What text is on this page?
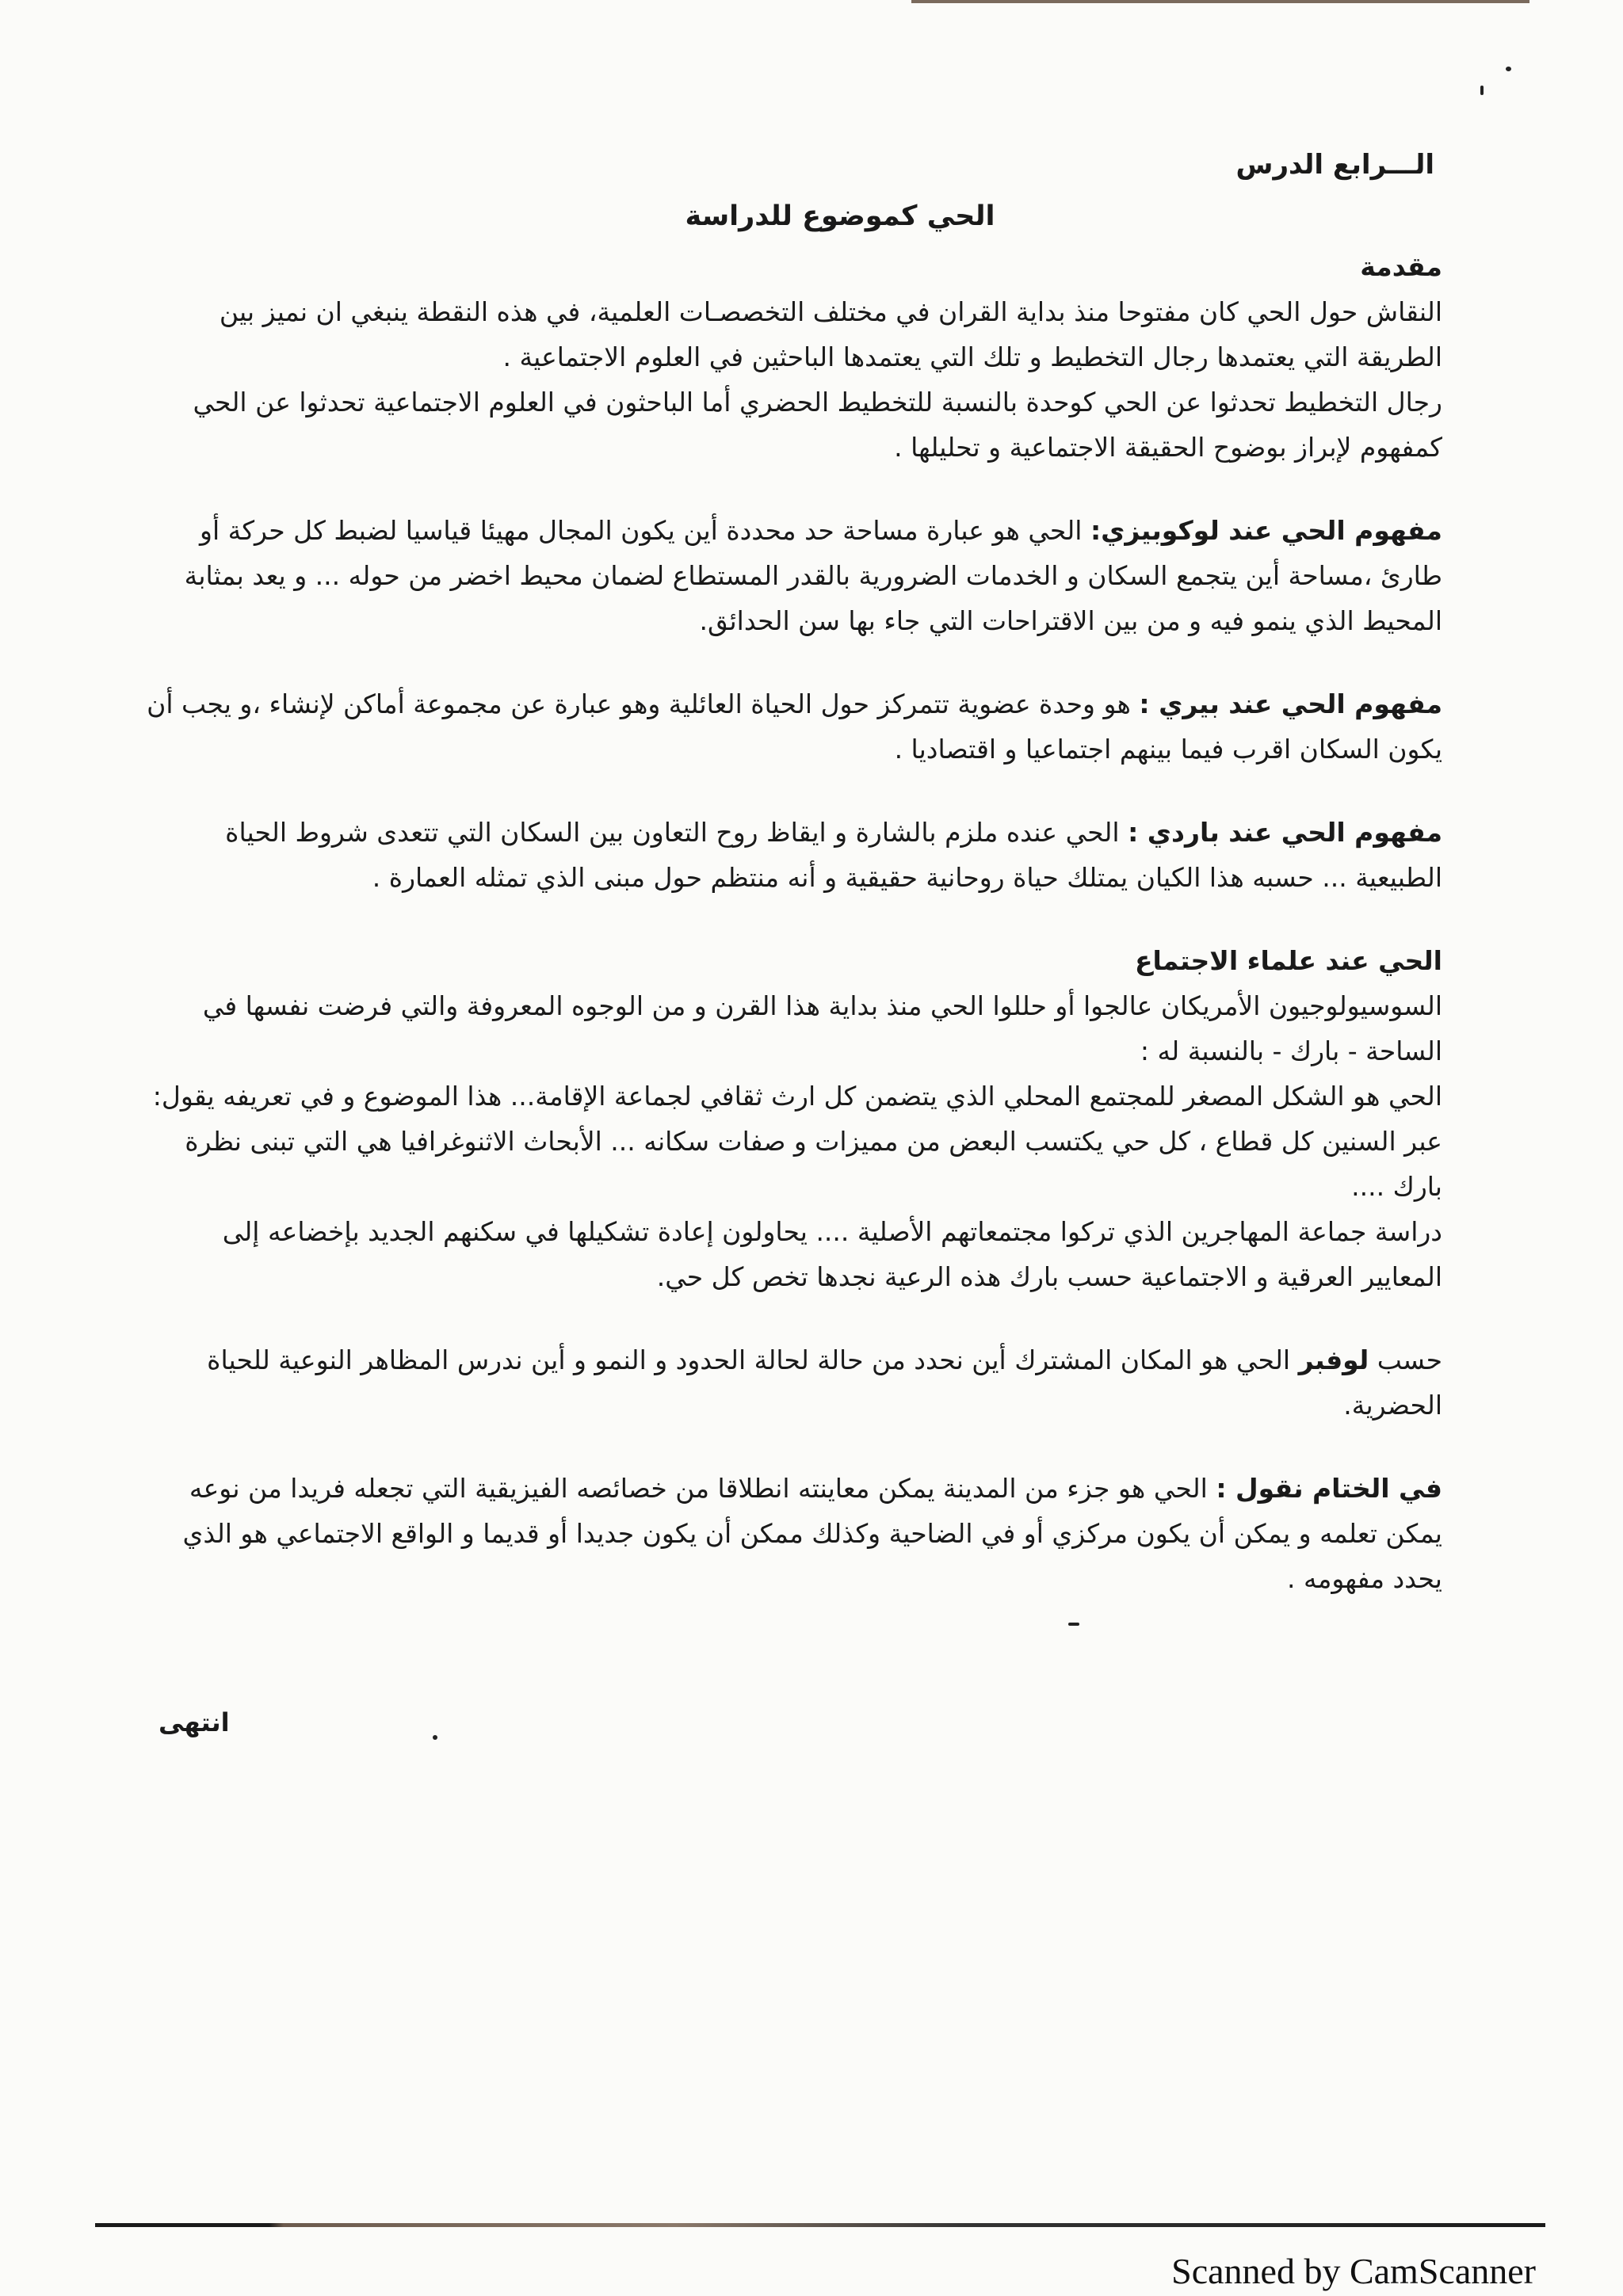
الـــرابع الدرس
الحي كموضوع للدراسة
مقدمة

النقاش حول الحي كان مفتوحا منذ بداية القران في مختلف التخصصـات العلمية، في هذه النقطة ينبغي ان نميز بين الطريقة التي يعتمدها رجال التخطيط و تلك التي يعتمدها الباحثين في العلوم الاجتماعية .

رجال التخطيط تحدثوا عن الحي كوحدة بالنسبة للتخطيط الحضري أما الباحثون في العلوم الاجتماعية تحدثوا عن الحي كمفهوم لإبراز بوضوح الحقيقة الاجتماعية و تحليلها .

مفهوم الحي عند لوكوبيزي: الحي هو عبارة مساحة حد محددة أين يكون المجال مهيئا قياسيا لضبط كل حركة أو طارئ ،مساحة أين يتجمع السكان و الخدمات الضرورية بالقدر المستطاع لضمان محيط اخضر من حوله ... و يعد بمثابة المحيط الذي ينمو فيه و من بين الاقتراحات التي جاء بها سن الحدائق.

مفهوم الحي عند بيري : هو وحدة عضوية تتمركز حول الحياة العائلية وهو عبارة عن مجموعة أماكن لإنشاء ،و يجب أن يكون السكان اقرب فيما بينهم اجتماعيا و اقتصاديا .

مفهوم الحي عند باردي : الحي عنده ملزم بالشارة و ايقاظ روح التعاون بين السكان التي تتعدى شروط الحياة الطبيعية ... حسبه هذا الكيان يمتلك حياة روحانية حقيقية و أنه منتظم حول مبنى الذي تمثله العمارة .

الحي عند علماء الاجتماع

السوسيولوجيون الأمريكان عالجوا أو حللوا الحي منذ بداية هذا القرن و من الوجوه المعروفة والتي فرضت نفسها في الساحة - بارك - بالنسبة له :

الحي هو الشكل المصغر للمجتمع المحلي الذي يتضمن كل ارث ثقافي لجماعة الإقامة... هذا الموضوع و في تعريفه يقول:

عبر السنين كل قطاع ، كل حي يكتسب البعض من مميزات و صفات سكانه ... الأبحاث الاثنوغرافيا هي التي تبنى نظرة بارك ....

دراسة جماعة المهاجرين الذي تركوا مجتمعاتهم الأصلية .... يحاولون إعادة تشكيلها في سكنهم الجديد بإخضاعه إلى المعايير العرقية و الاجتماعية حسب بارك هذه الرعية نجدها تخص كل حي.

حسب لوفبر الحي هو المكان المشترك أين نحدد من حالة لحالة الحدود و النمو و أين ندرس المظاهر النوعية للحياة الحضرية.

في الختام نقول : الحي هو جزء من المدينة يمكن معاينته انطلاقا من خصائصه الفيزيقية التي تجعله فريدا من نوعه يمكن تعلمه و يمكن أن يكون مركزي أو في الضاحية وكذلك ممكن أن يكون جديدا أو قديما و الواقع الاجتماعي هو الذي يحدد مفهومه .

انتهى
Scanned by CamScanner
